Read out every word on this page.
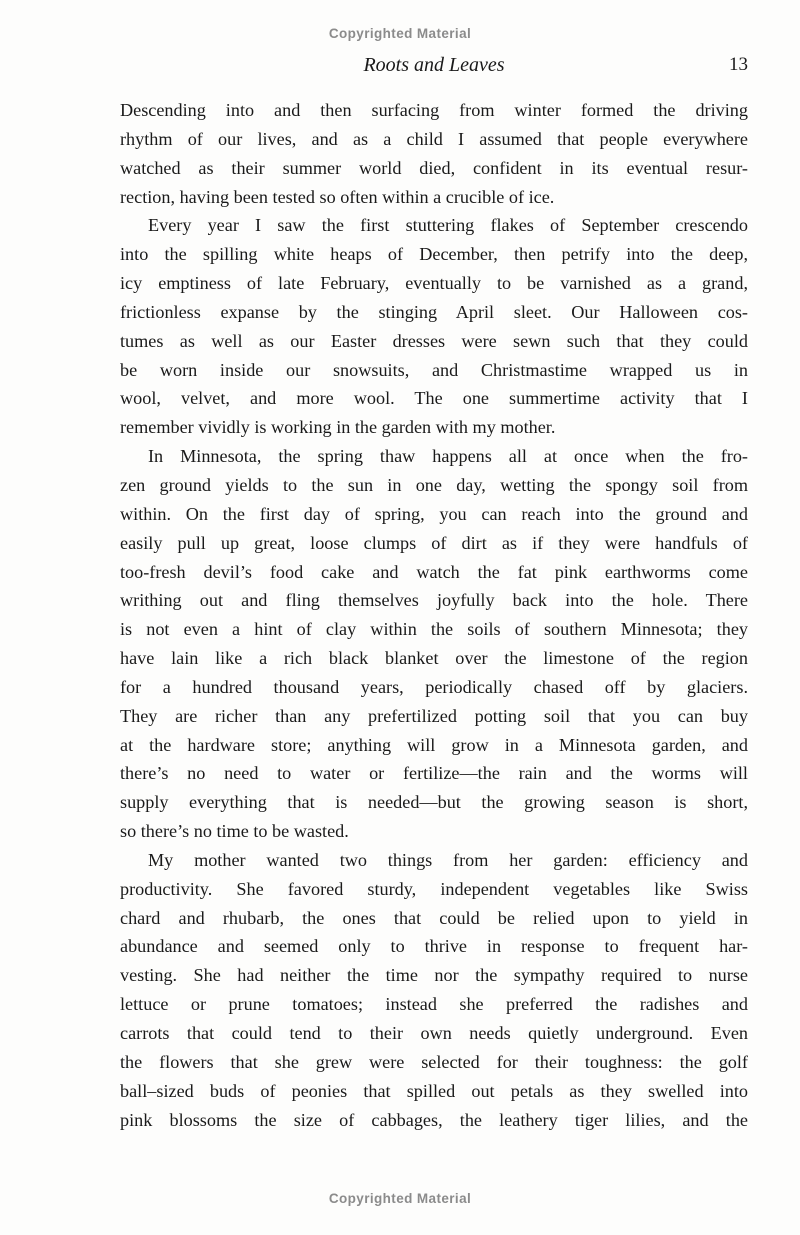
Copyrighted Material
Roots and Leaves	13
Descending into and then surfacing from winter formed the driving
rhythm of our lives, and as a child I assumed that people everywhere
watched as their summer world died, confident in its eventual resur-
rection, having been tested so often within a crucible of ice.
Every year I saw the first stuttering flakes of September crescendo
into the spilling white heaps of December, then petrify into the deep,
icy emptiness of late February, eventually to be varnished as a grand,
frictionless expanse by the stinging April sleet. Our Halloween cos-
tumes as well as our Easter dresses were sewn such that they could
be worn inside our snowsuits, and Christmastime wrapped us in
wool, velvet, and more wool. The one summertime activity that I
remember vividly is working in the garden with my mother.
In Minnesota, the spring thaw happens all at once when the fro-
zen ground yields to the sun in one day, wetting the spongy soil from
within. On the first day of spring, you can reach into the ground and
easily pull up great, loose clumps of dirt as if they were handfuls of
too-fresh devil’s food cake and watch the fat pink earthworms come
writhing out and fling themselves joyfully back into the hole. There
is not even a hint of clay within the soils of southern Minnesota; they
have lain like a rich black blanket over the limestone of the region
for a hundred thousand years, periodically chased off by glaciers.
They are richer than any prefertilized potting soil that you can buy
at the hardware store; anything will grow in a Minnesota garden, and
there’s no need to water or fertilize—the rain and the worms will
supply everything that is needed—but the growing season is short,
so there’s no time to be wasted.
My mother wanted two things from her garden: efficiency and
productivity. She favored sturdy, independent vegetables like Swiss
chard and rhubarb, the ones that could be relied upon to yield in
abundance and seemed only to thrive in response to frequent har-
vesting. She had neither the time nor the sympathy required to nurse
lettuce or prune tomatoes; instead she preferred the radishes and
carrots that could tend to their own needs quietly underground. Even
the flowers that she grew were selected for their toughness: the golf
ball–sized buds of peonies that spilled out petals as they swelled into
pink blossoms the size of cabbages, the leathery tiger lilies, and the
Copyrighted Material
